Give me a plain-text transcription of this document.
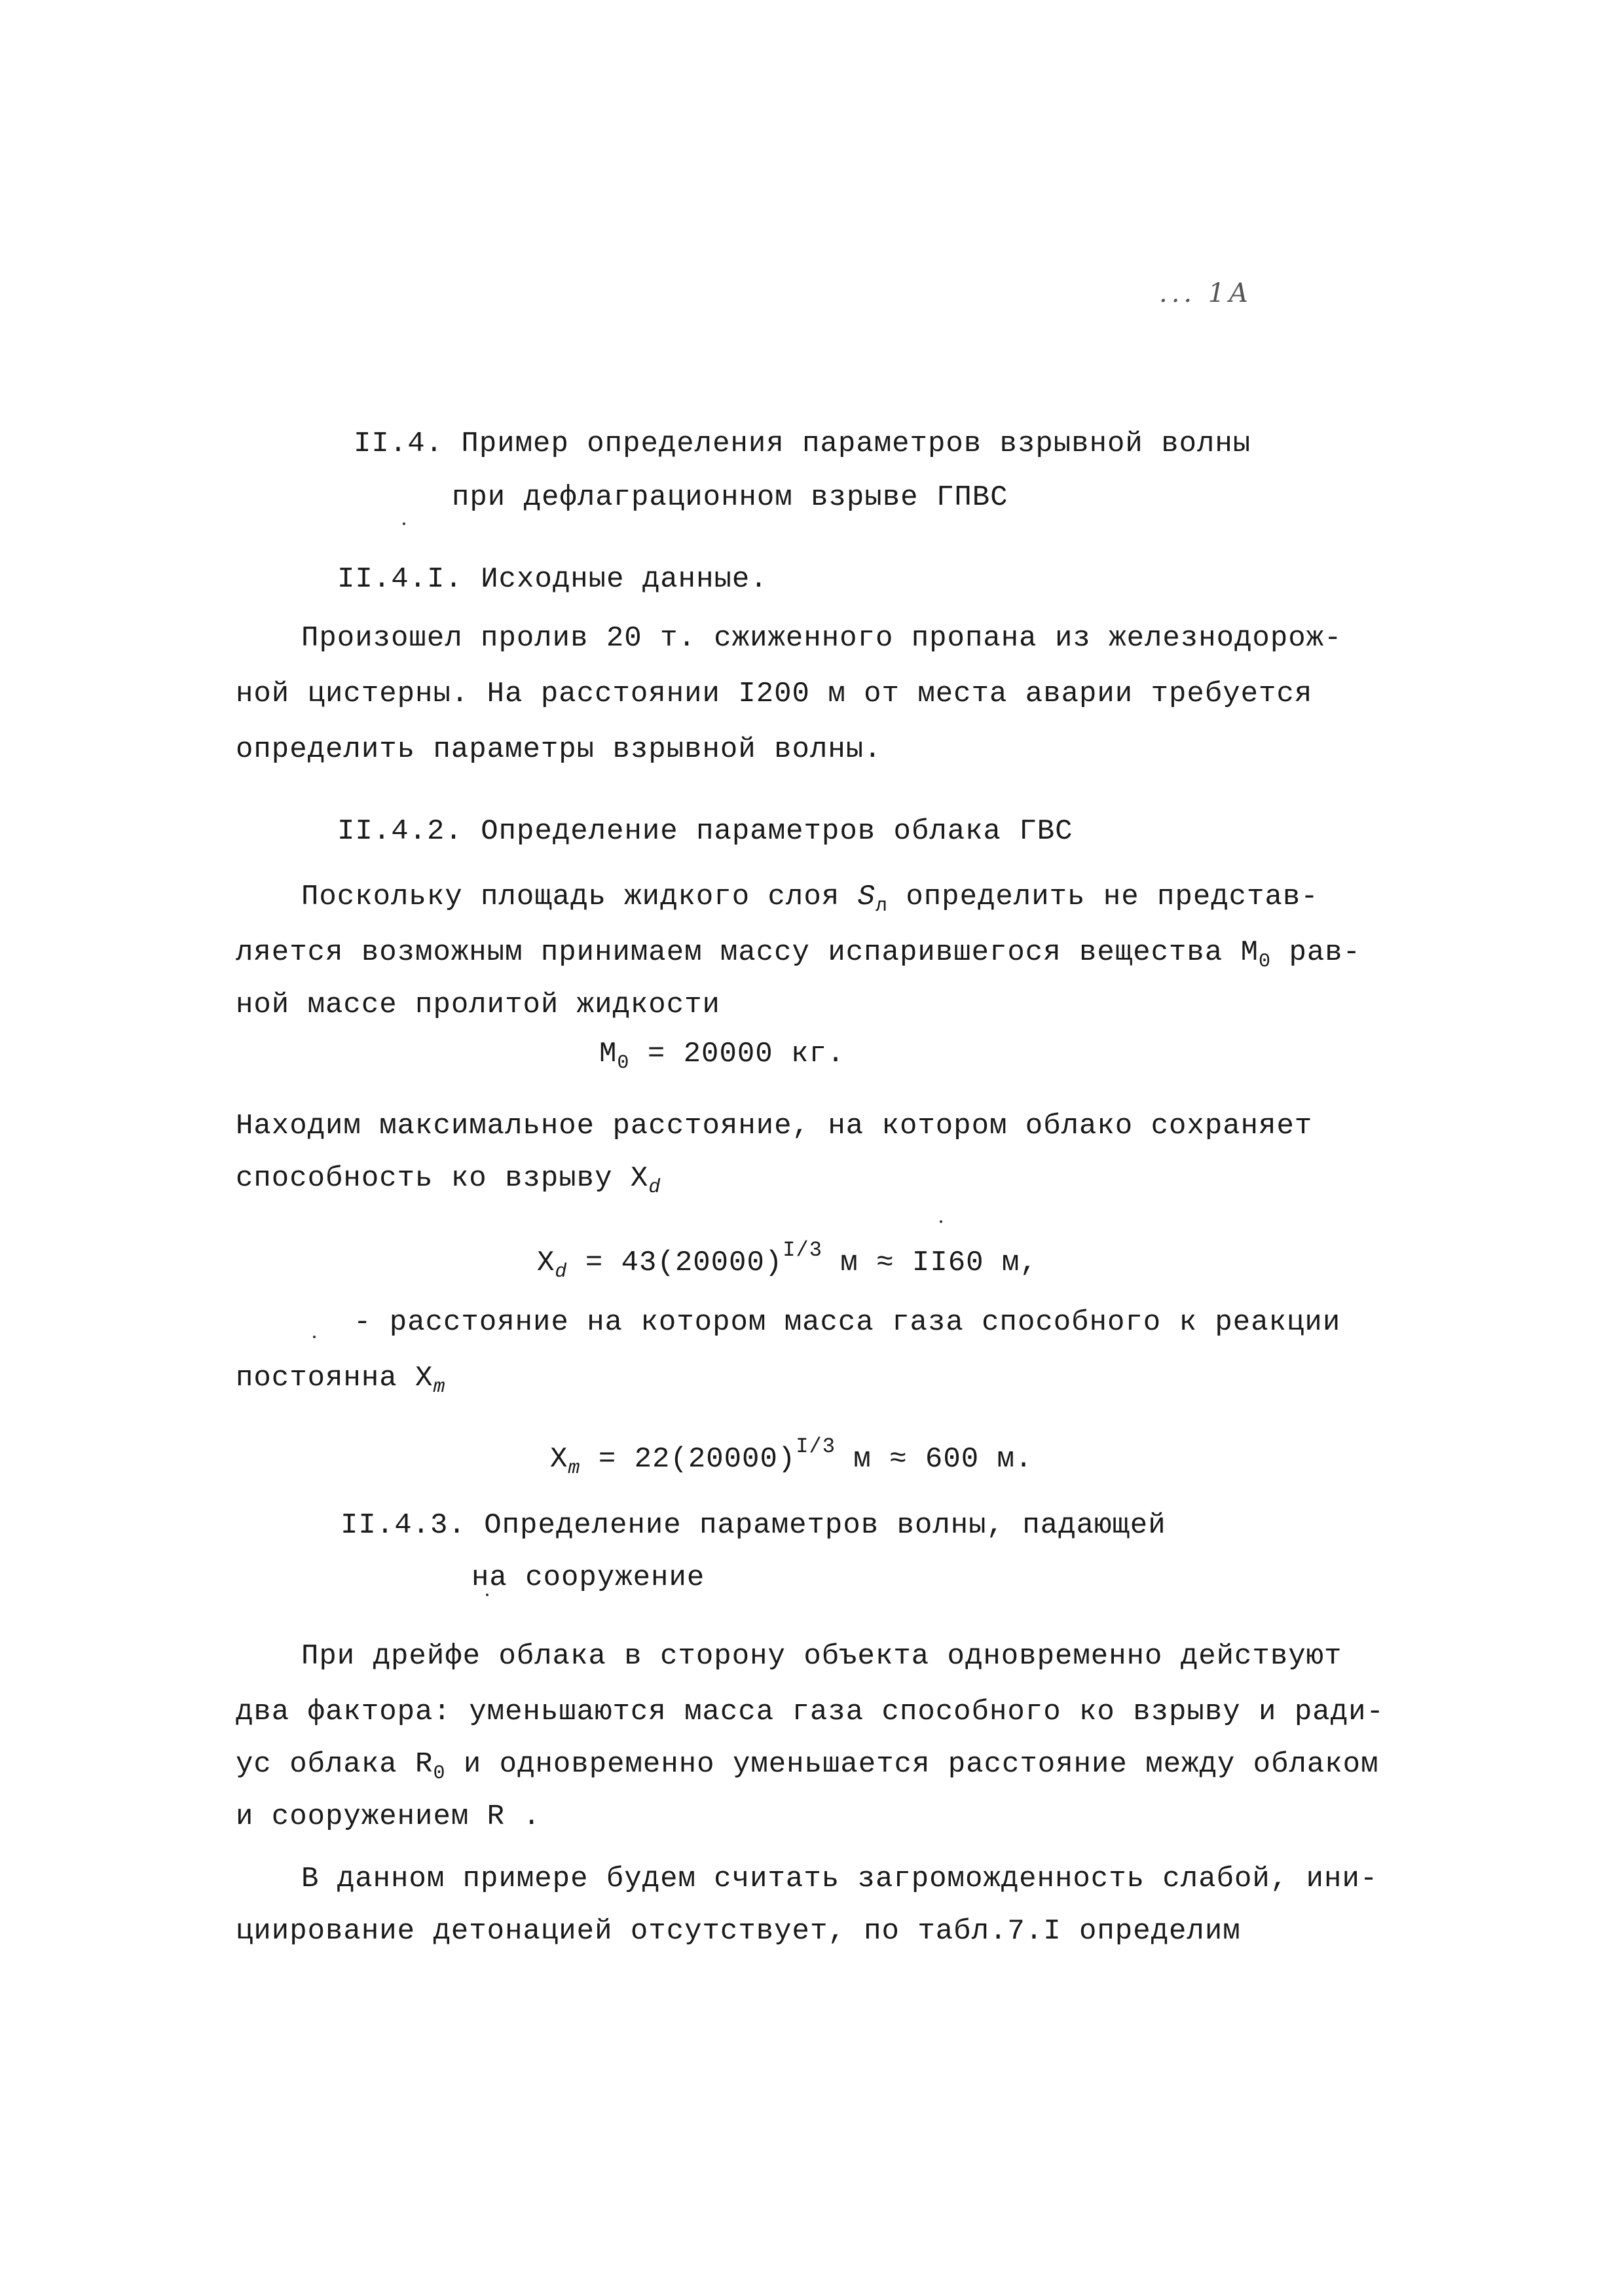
... 1А
II.4. Пример определения параметров взрывной волны
при дефлаграционном взрыве ГПВС
II.4.I. Исходные данные.
Произошел пролив 20 т. сжиженного пропана из железнодорож-
ной цистерны. На расстоянии I200 м от места аварии требуется
определить параметры взрывной волны.
II.4.2. Определение параметров облака ГВС
Поскольку площадь жидкого слоя $S_л$ определить не представ-
ляется возможным принимаем массу испарившегося вещества $M_0$ рав-
ной массе пролитой жидкости
$M_0 = 20000$ кг.
Находим максимальное расстояние, на котором облако сохраняет
способность ко взрыву $X_d$
$X_d = 43(20000)^{I/3}$ м ≈ II60 м,
- расстояние на котором масса газа способного к реакции
постоянна $X_m$
$X_m = 22(20000)^{I/3}$ м ≈ 600 м.
II.4.3. Определение параметров волны, падающей
на сооружение
При дрейфе облака в сторону объекта одновременно действуют
два фактора: уменьшаются масса газа способного ко взрыву и ради-
ус облака $R_0$ и одновременно уменьшается расстояние между облаком
и сооружением R .
В данном примере будем считать загроможденность слабой, ини-
циирование детонацией отсутствует, по табл.7.I определим
